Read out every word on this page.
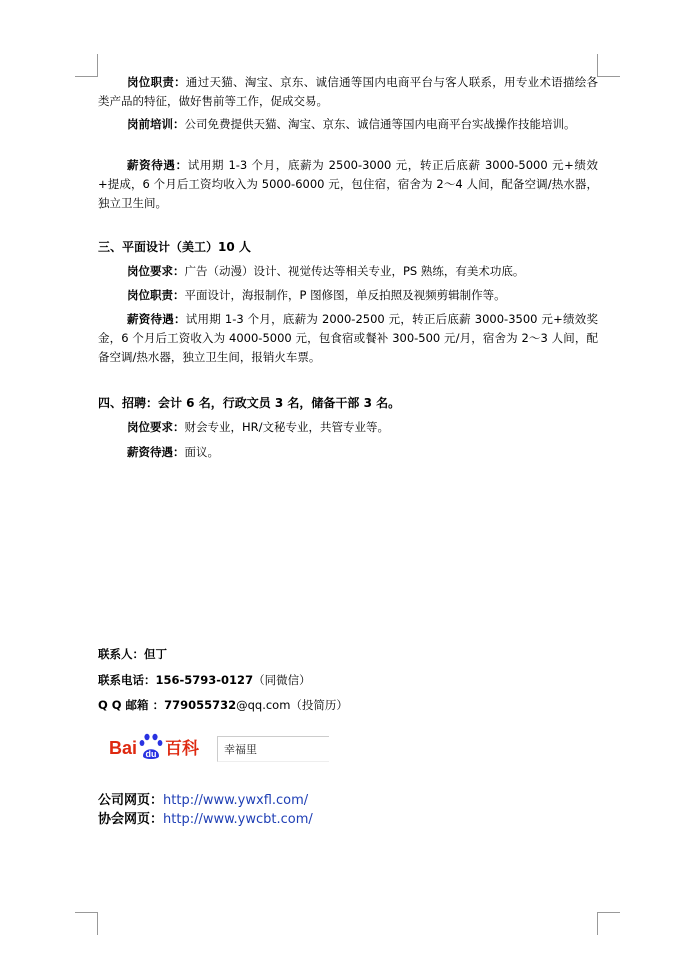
岗位职责：通过天猫、淘宝、京东、诚信通等国内电商平台与客人联系，用专业术语描绘各类产品的特征，做好售前等工作，促成交易。
岗前培训：公司免费提供天猫、淘宝、京东、诚信通等国内电商平台实战操作技能培训。
薪资待遇：试用期 1-3 个月，底薪为 2500-3000 元，转正后底薪 3000-5000 元+绩效+提成，6 个月后工资均收入为 5000-6000 元，包住宿，宿舍为 2～4 人间，配备空调/热水器，独立卫生间。
三、平面设计（美工）10 人
岗位要求：广告（动漫）设计、视觉传达等相关专业，PS 熟练，有美术功底。
岗位职责：平面设计，海报制作，P 图修图，单反拍照及视频剪辑制作等。
薪资待遇：试用期 1-3 个月，底薪为 2000-2500 元，转正后底薪 3000-3500 元+绩效奖金，6 个月后工资收入为 4000-5000 元，包食宿或餐补 300-500 元/月，宿舍为 2～3 人间，配备空调/热水器，独立卫生间，报销火车票。
四、招聘：会计 6 名，行政文员 3 名，储备干部 3 名。
岗位要求：财会专业，HR/文秘专业，共管专业等。
薪资待遇：面议。
联系人：但丁
联系电话：156-5793-0127（同微信）
Q Q 邮箱 ：779055732@qq.com（投简历）
Bai du 百科	幸福里
公司网页：http://www.ywxfl.com/
协会网页：http://www.ywcbt.com/
